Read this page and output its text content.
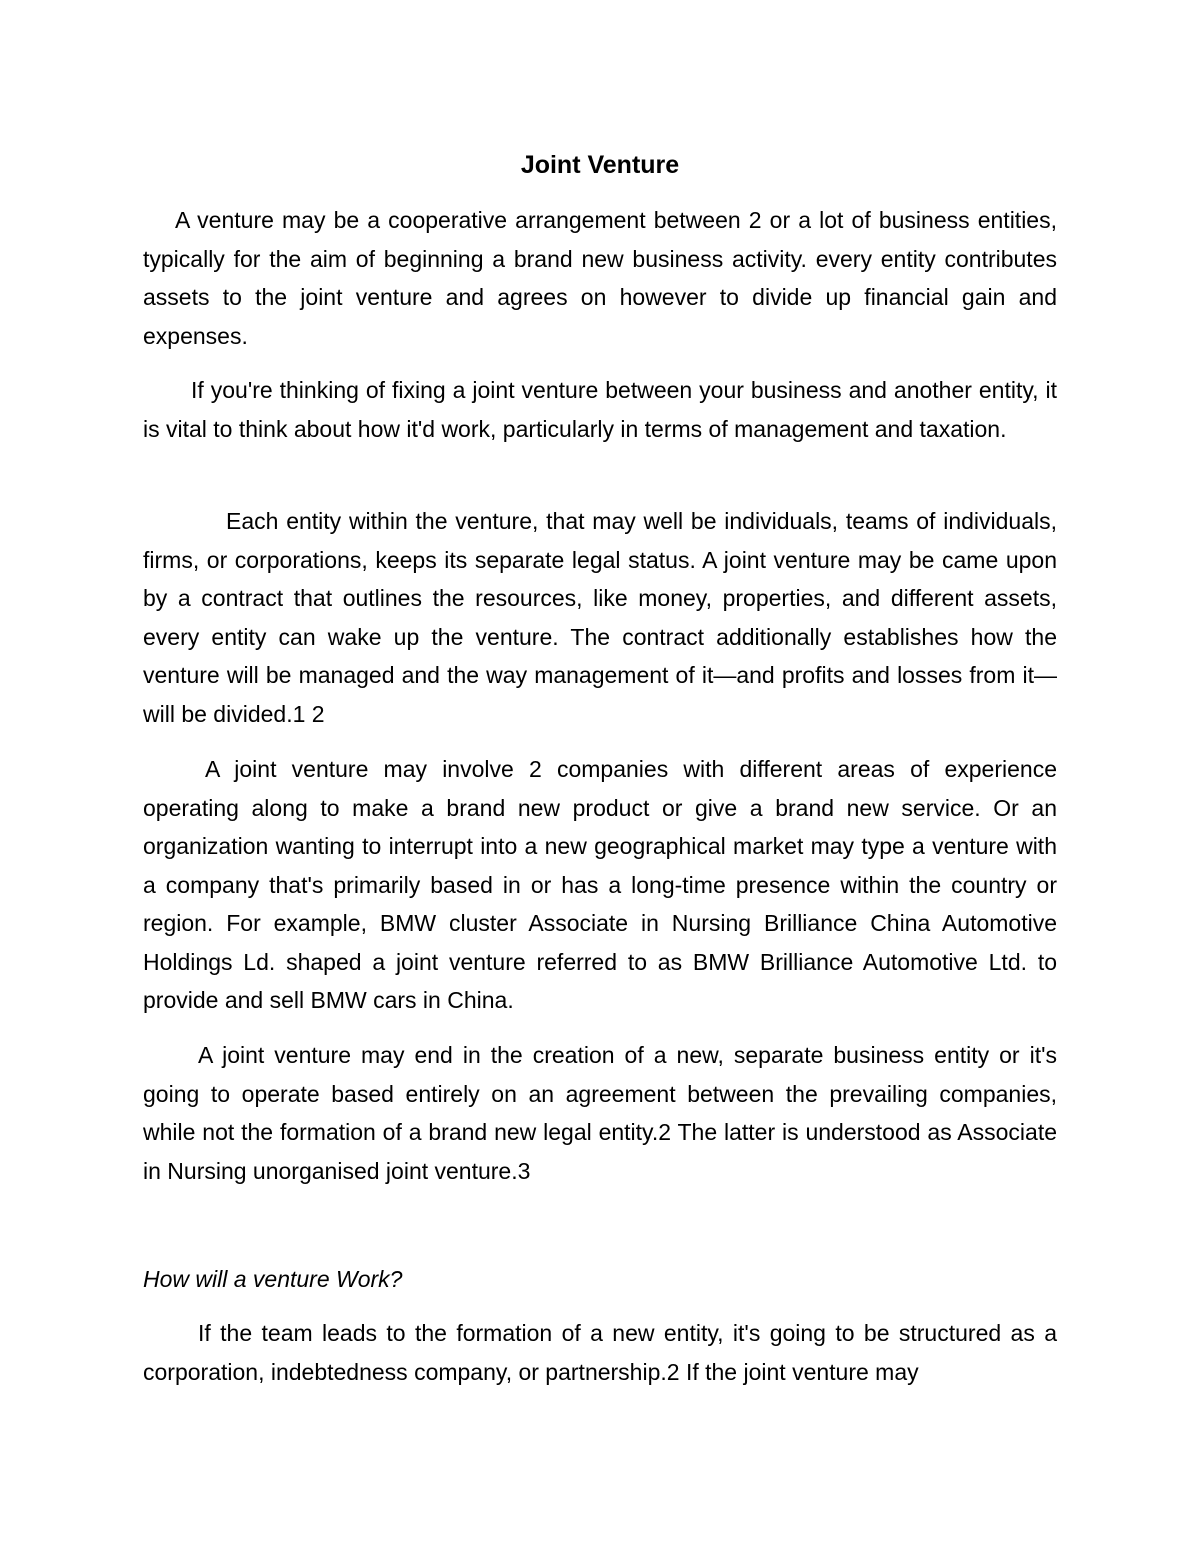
Joint Venture
A venture may be a cooperative arrangement between 2 or a lot of business entities, typically for the aim of beginning a brand new business activity. every entity contributes assets to the joint venture and agrees on however to divide up financial gain and expenses.
If you're thinking of fixing a joint venture between your business and another entity, it is vital to think about how it'd work, particularly in terms of management and taxation.
Each entity within the venture, that may well be individuals, teams of individuals, firms, or corporations, keeps its separate legal status. A joint venture may be came upon by a contract that outlines the resources, like money, properties, and different assets, every entity can wake up the venture. The contract additionally establishes how the venture will be managed and the way management of it—and profits and losses from it—will be divided.1 2
A joint venture may involve 2 companies with different areas of experience operating along to make a brand new product or give a brand new service. Or an organization wanting to interrupt into a new geographical market may type a venture with a company that's primarily based in or has a long-time presence within the country or region. For example, BMW cluster Associate in Nursing Brilliance China Automotive Holdings Ld. shaped a joint venture referred to as BMW Brilliance Automotive Ltd. to provide and sell BMW cars in China.
A joint venture may end in the creation of a new, separate business entity or it's going to operate based entirely on an agreement between the prevailing companies, while not the formation of a brand new legal entity.2 The latter is understood as Associate in Nursing unorganised joint venture.3
How will a venture Work?
If the team leads to the formation of a new entity, it's going to be structured as a corporation, indebtedness company, or partnership.2 If the joint venture may
